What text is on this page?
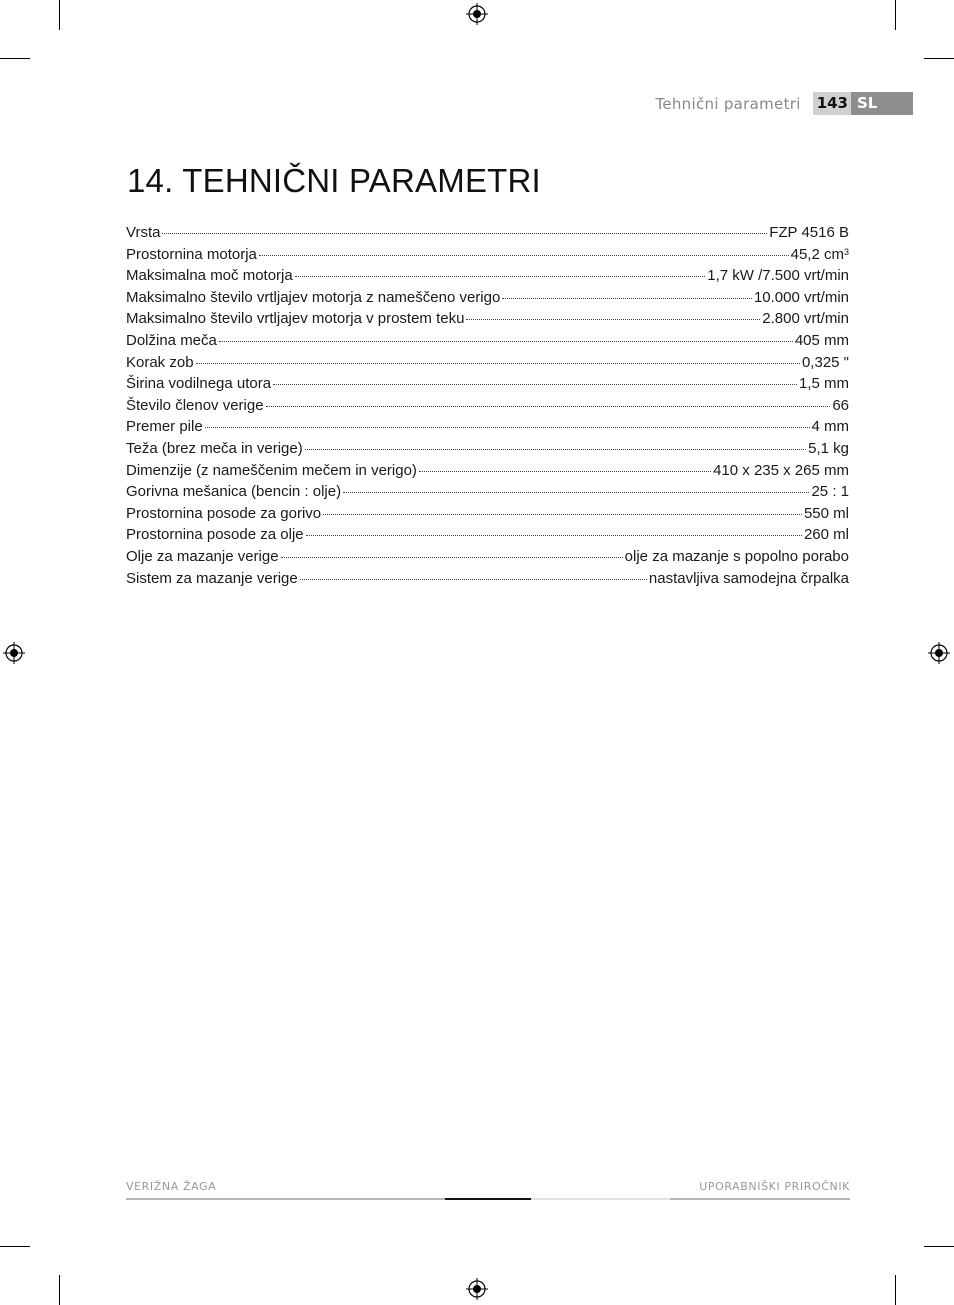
Tehnični parametri 143 SL
14. TEHNIČNI PARAMETRI
Vrsta	FZP 4516 B
Prostornina motorja	45,2 $cm^3$
Maksimalna moč motorja	1,7 kW /7.500 vrt/min
Maksimalno število vrtljajev motorja z nameščeno verigo	10.000 vrt/min
Maksimalno število vrtljajev motorja v prostem teku	2.800 vrt/min
Dolžina meča	405 mm
Korak zob	0,325 "
Širina vodilnega utora	1,5 mm
Število členov verige	66
Premer pile	4 mm
Teža (brez meča in verige)	5,1 kg
Dimenzije (z nameščenim mečem in verigo)	410 x 235 x 265 mm
Gorivna mešanica (bencin : olje)	25 : 1
Prostornina posode za gorivo	550 ml
Prostornina posode za olje	260 ml
Olje za mazanje verige	olje za mazanje s popolno porabo
Sistem za mazanje verige	nastavljiva samodejna črpalka
VERIŽNA ŽAGA	UPORABNIŠKI PRIROČNIK
